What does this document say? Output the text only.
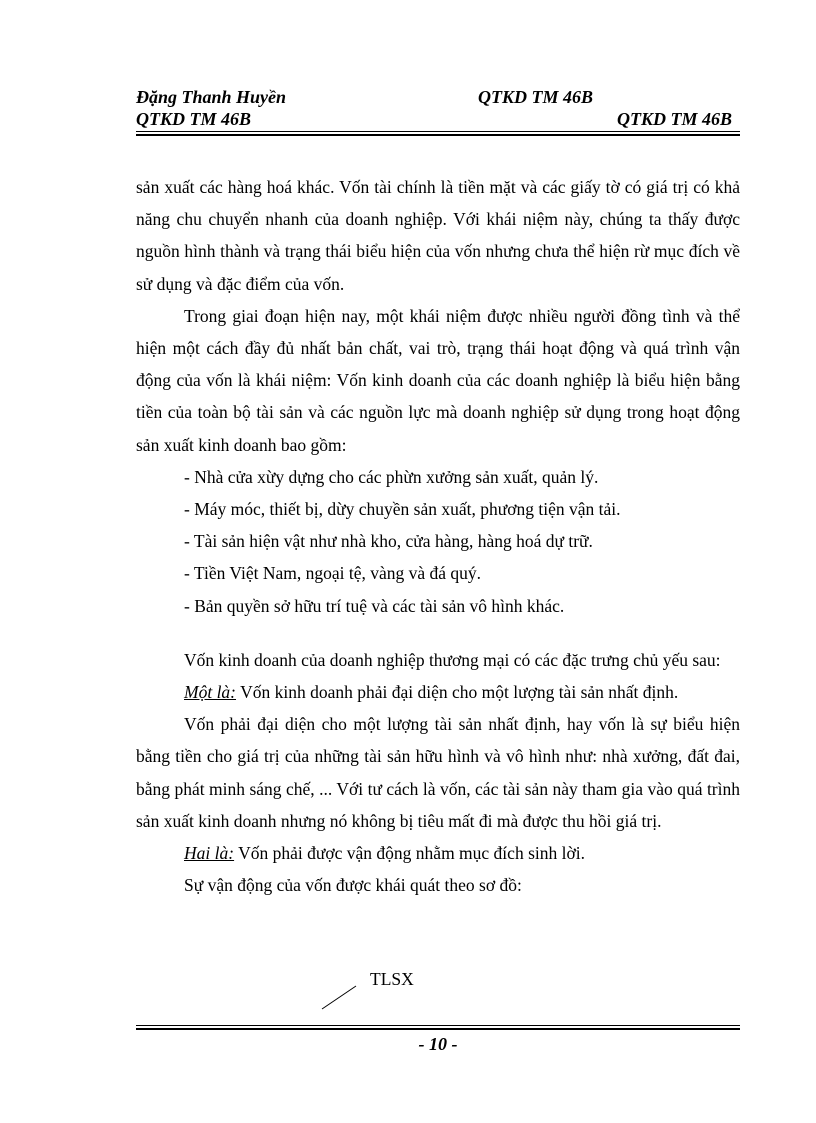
Đặng Thanh Huyền	QTKD TM 46B
QTKD TM 46B	QTKD TM 46B

sản xuất các hàng hoá khác. Vốn tài chính là tiền mặt và các giấy tờ có giá trị có khả năng chu chuyển nhanh của doanh nghiệp. Với khái niệm này, chúng ta thấy được nguồn hình thành và trạng thái biểu hiện của vốn nhưng chưa thể hiện rừ mục đích về sử dụng và đặc điểm của vốn.

Trong giai đoạn hiện nay, một khái niệm được nhiều người đồng tình và thể hiện một cách đầy đủ nhất bản chất, vai trò, trạng thái hoạt động và quá trình vận động của vốn là khái niệm: Vốn kinh doanh của các doanh nghiệp là biểu hiện bằng tiền của toàn bộ tài sản và các nguồn lực mà doanh nghiệp sử dụng trong hoạt động sản xuất kinh doanh bao gồm:

- Nhà cửa xừy dựng cho các phừn xưởng sản xuất, quản lý.

- Máy móc, thiết bị, dừy chuyền sản xuất, phương tiện vận tải.

- Tài sản hiện vật như nhà kho, cửa hàng, hàng hoá dự trữ.

- Tiền Việt Nam, ngoại tệ, vàng và đá quý.

- Bản quyền sở hữu trí tuệ và các tài sản vô hình khác.

Vốn kinh doanh của doanh nghiệp thương mại có các đặc trưng chủ yếu sau:

Một là: Vốn kinh doanh phải đại diện cho một lượng tài sản nhất định.

Vốn phải đại diện cho một lượng tài sản nhất định, hay vốn là sự biểu hiện bằng tiền cho giá trị của những tài sản hữu hình và vô hình như: nhà xưởng, đất đai, bằng phát minh sáng chế, ... Với tư cách là vốn, các tài sản này tham gia vào quá trình sản xuất kinh doanh nhưng nó không bị tiêu mất đi mà được thu hồi giá trị.

Hai là: Vốn phải được vận động nhằm mục đích sinh lời.

Sự vận động của vốn được khái quát theo sơ đồ:

TLSX
- 10 -
